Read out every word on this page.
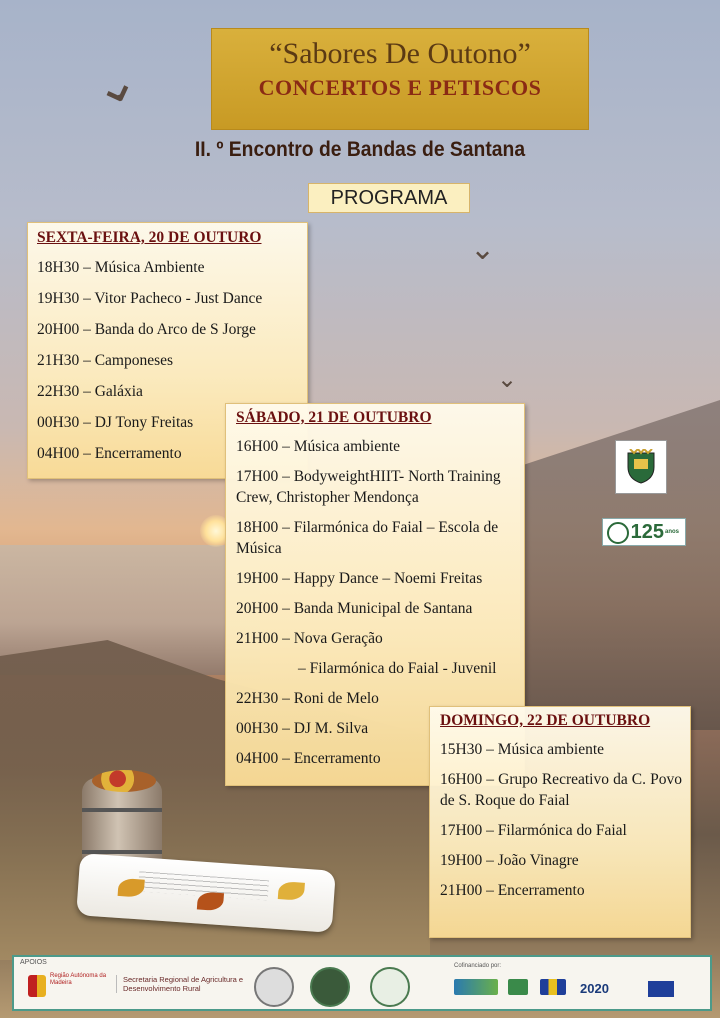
⌄
⌄
⌄
“Sabores De Outono”
CONCERTOS E PETISCOS
II. º Encontro de Bandas de Santana
PROGRAMA
SEXTA-FEIRA, 20 DE OUTURO
18H30 – Música Ambiente
19H30 – Vitor Pacheco - Just Dance
20H00 – Banda do Arco de S Jorge
21H30 – Camponeses
22H30 – Galáxia
00H30 – DJ Tony Freitas
04H00 – Encerramento
SÁBADO, 21 DE OUTUBRO
16H00 – Música ambiente
17H00 – BodyweightHIIT- North Training Crew, Christopher Mendonça
18H00 – Filarmónica do Faial – Escola de Música
19H00 – Happy Dance – Noemi Freitas
20H00 – Banda Municipal de Santana
21H00 – Nova Geração
– Filarmónica do Faial - Juvenil
22H30 – Roni de Melo
00H30 – DJ M. Silva
04H00 – Encerramento
DOMINGO, 22 DE OUTUBRO
15H30 – Música ambiente
16H00 – Grupo Recreativo da C. Povo de S. Roque do Faial
17H00 – Filarmónica do Faial
19H00 – João Vinagre
21H00 – Encerramento
125 anos
APOIOS
Região Autónoma da Madeira	Secretaria Regional de Agricultura e Desenvolvimento Rural
Cofinanciado por:
2020
